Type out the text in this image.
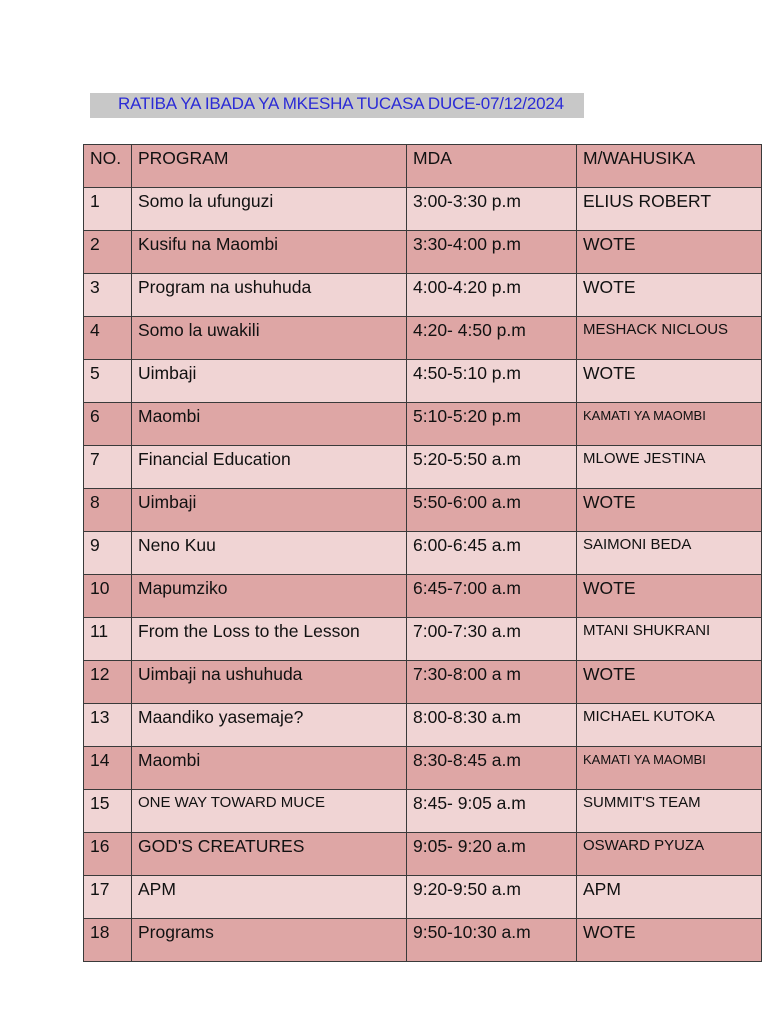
RATIBA YA IBADA YA MKESHA TUCASA DUCE-07/12/2024
NO.	PROGRAM	MDA	M/WAHUSIKA
1	Somo la ufunguzi	3:00-3:30 p.m	ELIUS ROBERT
2	Kusifu na Maombi	3:30-4:00 p.m	WOTE
3	Program na ushuhuda	4:00-4:20 p.m	WOTE
4	Somo la uwakili	4:20- 4:50 p.m	MESHACK NICLOUS
5	Uimbaji	4:50-5:10 p.m	WOTE
6	Maombi	5:10-5:20 p.m	KAMATI YA MAOMBI
7	Financial Education	5:20-5:50 a.m	MLOWE JESTINA
8	Uimbaji	5:50-6:00 a.m	WOTE
9	Neno Kuu	6:00-6:45 a.m	SAIMONI BEDA
10	Mapumziko	6:45-7:00 a.m	WOTE
11	From the Loss to the Lesson	7:00-7:30 a.m	MTANI SHUKRANI
12	Uimbaji na ushuhuda	7:30-8:00 a m	WOTE
13	Maandiko yasemaje?	8:00-8:30 a.m	MICHAEL KUTOKA
14	Maombi	8:30-8:45 a.m	KAMATI YA MAOMBI
15	ONE WAY TOWARD MUCE	8:45- 9:05 a.m	SUMMIT'S TEAM
16	GOD'S CREATURES	9:05- 9:20 a.m	OSWARD PYUZA
17	APM	9:20-9:50 a.m	APM
18	Programs	9:50-10:30 a.m	WOTE
